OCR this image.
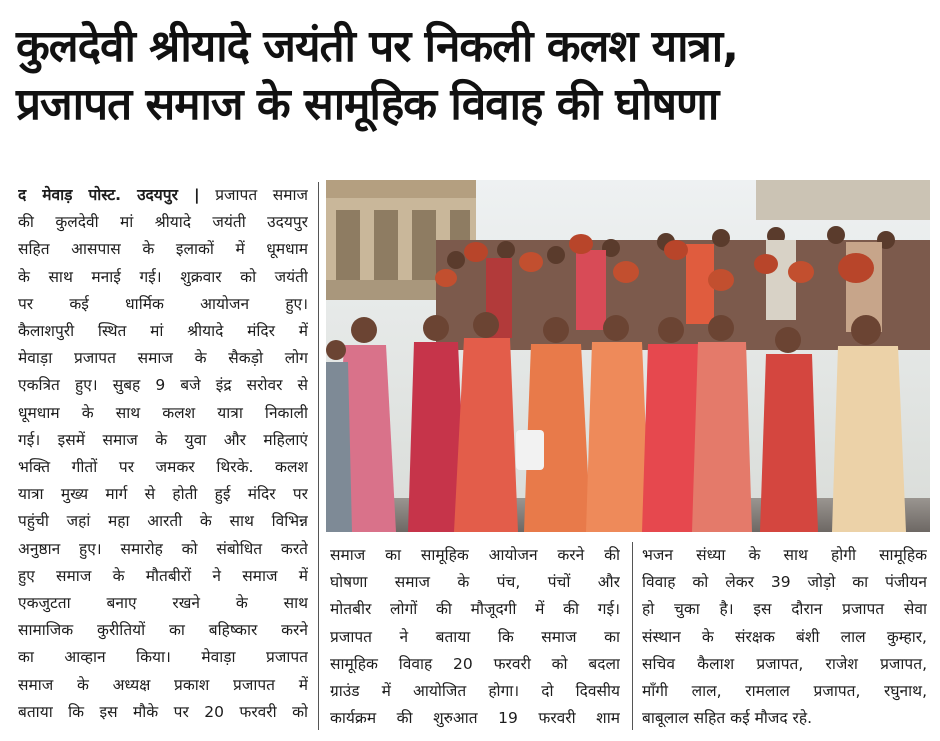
कुलदेवी श्रीयादे जयंती पर निकली कलश यात्रा,
प्रजापत समाज के सामूहिक विवाह की घोषणा
द मेवाड़ पोस्ट. उदयपुर | प्रजापत समाज
की कुलदेवी मां श्रीयादे जयंती उदयपुर
सहित आसपास के इलाकों में धूमधाम
के साथ मनाई गई। शुक्रवार को जयंती
पर कई धार्मिक आयोजन हुए।
कैलाशपुरी स्थित मां श्रीयादे मंदिर में
मेवाड़ा प्रजापत समाज के सैकड़ो लोग
एकत्रित हुए। सुबह 9 बजे इंद्र सरोवर से
धूमधाम के साथ कलश यात्रा निकाली
गई। इसमें समाज के युवा और महिलाएं
भक्ति गीतों पर जमकर थिरके. कलश
यात्रा मुख्य मार्ग से होती हुई मंदिर पर
पहुंची जहां महा आरती के साथ विभिन्न
अनुष्ठान हुए। समारोह को संबोधित करते
हुए समाज के मौतबीरों ने समाज में
एकजुटता बनाए रखने के साथ
सामाजिक कुरीतियों का बहिष्कार करने
का आव्हान किया। मेवाड़ा प्रजापत
समाज के अध्यक्ष प्रकाश प्रजापत में
बताया कि इस मौके पर 20 फरवरी को
समाज का सामूहिक आयोजन करने की
घोषणा समाज के पंच, पंचों और
मोतबीर लोगों की मौजूदगी में की गई।
प्रजापत ने बताया कि समाज का
सामूहिक विवाह 20 फरवरी को बदला
ग्राउंड में आयोजित होगा। दो दिवसीय
कार्यक्रम की शुरुआत 19 फरवरी शाम
भजन संध्या के साथ होगी सामूहिक
विवाह को लेकर 39 जोड़ो का पंजीयन
हो चुका है। इस दौरान प्रजापत सेवा
संस्थान के संरक्षक बंशी लाल कुम्हार,
सचिव कैलाश प्रजापत, राजेश प्रजापत,
माँगी लाल, रामलाल प्रजापत, रघुनाथ,
बाबूलाल सहित कई मौजद रहे.
